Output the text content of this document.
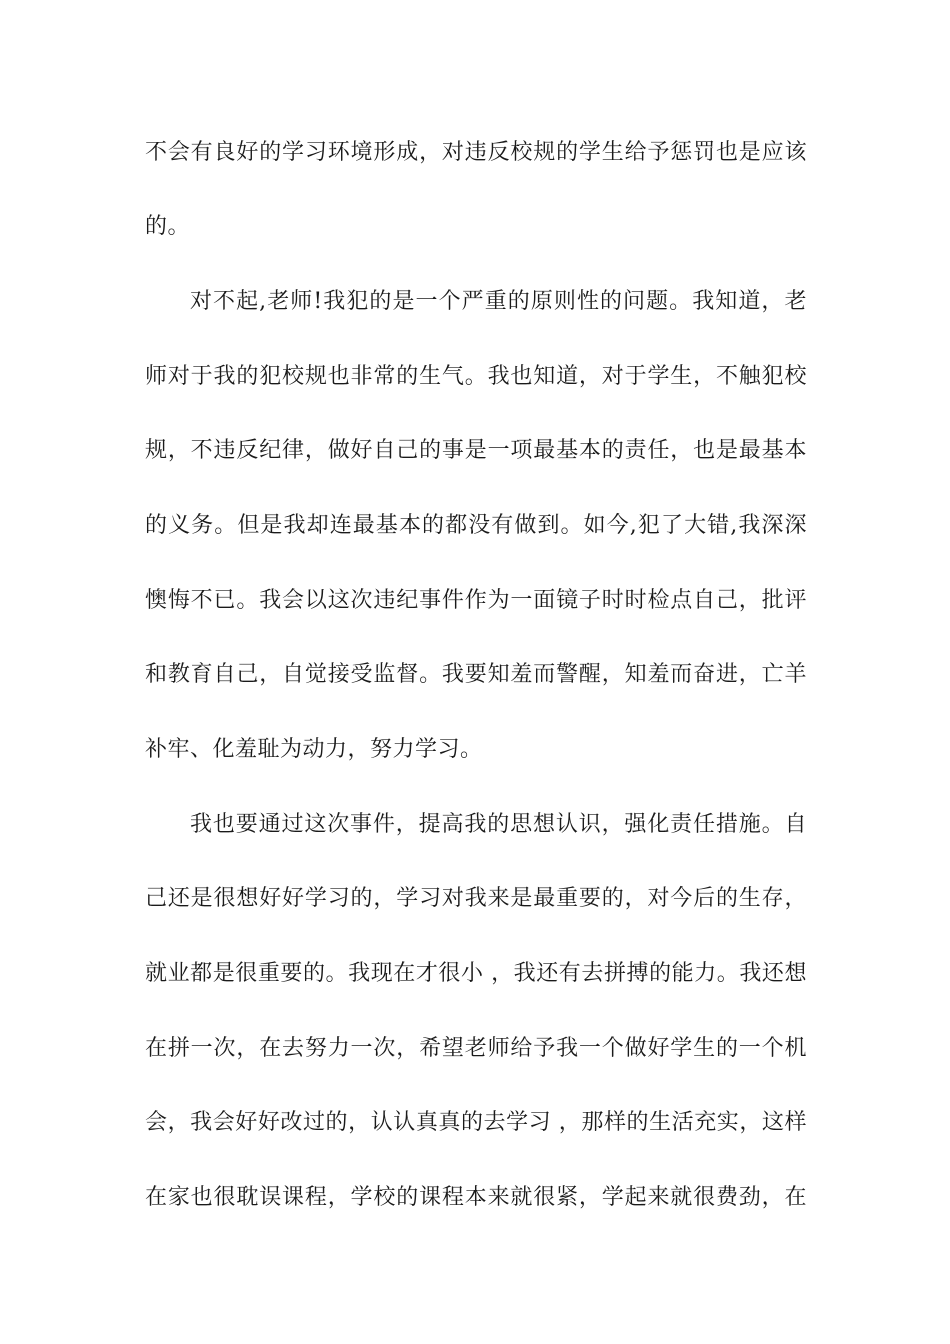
不会有良好的学习环境形成，对违反校规的学生给予惩罚也是应该
的。
对不起,老师!我犯的是一个严重的原则性的问题。我知道，老
师对于我的犯校规也非常的生气。我也知道，对于学生，不触犯校
规，不违反纪律，做好自己的事是一项最基本的责任，也是最基本
的义务。但是我却连最基本的都没有做到。如今,犯了大错,我深深
懊悔不已。我会以这次违纪事件作为一面镜子时时检点自己，批评
和教育自己，自觉接受监督。我要知羞而警醒，知羞而奋进，亡羊
补牢、化羞耻为动力，努力学习。
我也要通过这次事件，提高我的思想认识，强化责任措施。自
己还是很想好好学习的，学习对我来是最重要的，对今后的生存，
就业都是很重要的。我现在才很小 ，我还有去拼搏的能力。我还想
在拼一次，在去努力一次，希望老师给予我一个做好学生的一个机
会，我会好好改过的，认认真真的去学习 ，那样的生活充实，这样
在家也很耽误课程，学校的课程本来就很紧，学起来就很费劲，在
